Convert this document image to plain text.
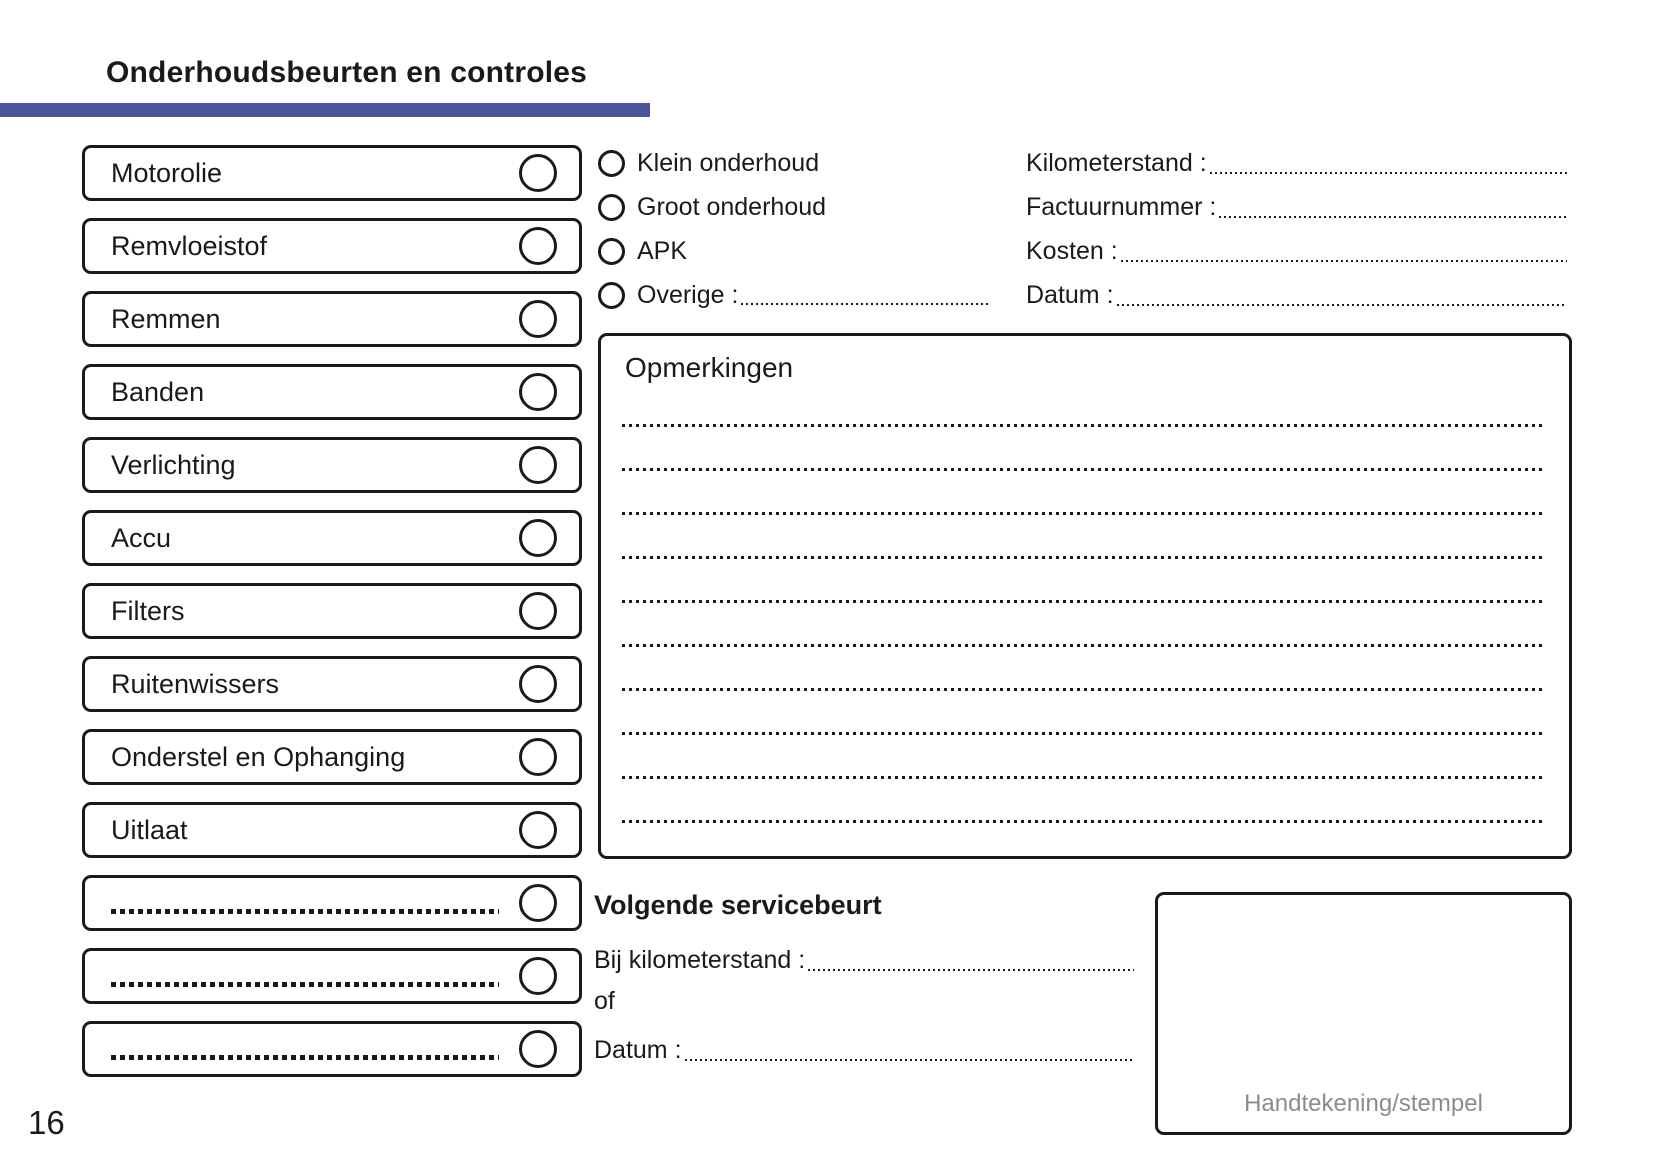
Onderhoudsbeurten en controles
Motorolie
Remvloeistof
Remmen
Banden
Verlichting
Accu
Filters
Ruitenwissers
Onderstel en Ophanging
Uitlaat
Klein onderhoud
Groot onderhoud
APK
Overige :
Kilometerstand :
Factuurnummer :
Kosten :
Datum :
Opmerkingen
Volgende servicebeurt
Bij kilometerstand :
of
Datum :
Handtekening/stempel
16
